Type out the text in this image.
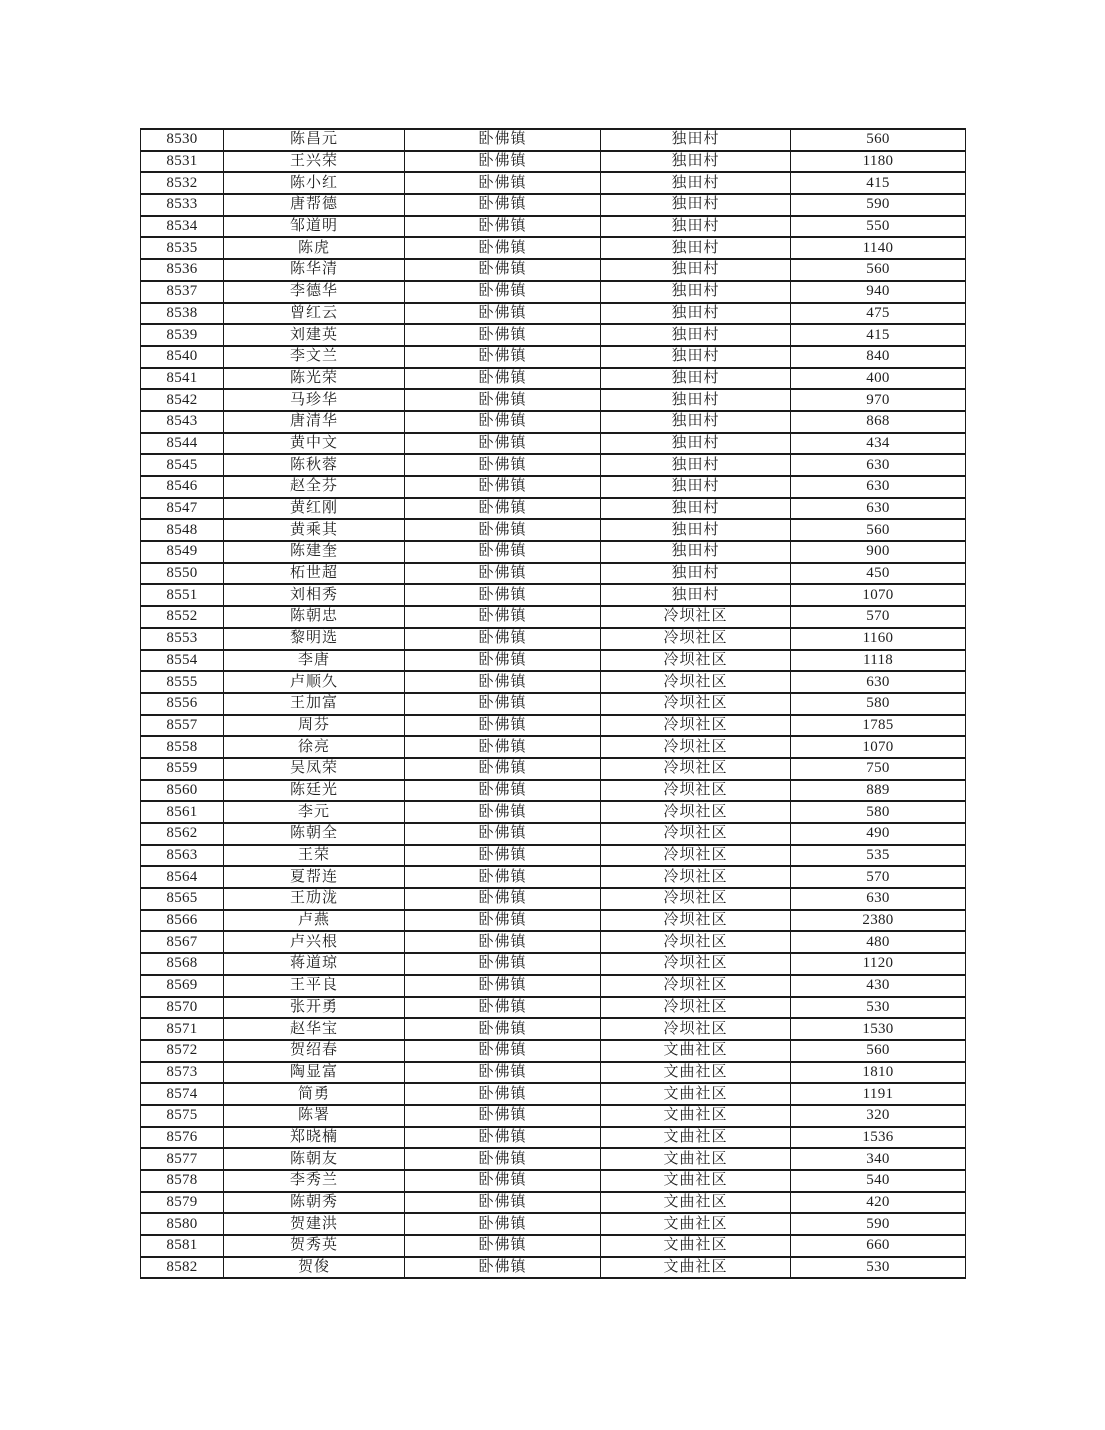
8530	陈昌元	卧佛镇	独田村	560
8531	王兴荣	卧佛镇	独田村	1180
8532	陈小红	卧佛镇	独田村	415
8533	唐帮德	卧佛镇	独田村	590
8534	邹道明	卧佛镇	独田村	550
8535	陈虎	卧佛镇	独田村	1140
8536	陈华清	卧佛镇	独田村	560
8537	李德华	卧佛镇	独田村	940
8538	曾红云	卧佛镇	独田村	475
8539	刘建英	卧佛镇	独田村	415
8540	李文兰	卧佛镇	独田村	840
8541	陈光荣	卧佛镇	独田村	400
8542	马珍华	卧佛镇	独田村	970
8543	唐清华	卧佛镇	独田村	868
8544	黄中文	卧佛镇	独田村	434
8545	陈秋蓉	卧佛镇	独田村	630
8546	赵全芬	卧佛镇	独田村	630
8547	黄红刚	卧佛镇	独田村	630
8548	黄乘其	卧佛镇	独田村	560
8549	陈建奎	卧佛镇	独田村	900
8550	柘世超	卧佛镇	独田村	450
8551	刘相秀	卧佛镇	独田村	1070
8552	陈朝忠	卧佛镇	冷坝社区	570
8553	黎明选	卧佛镇	冷坝社区	1160
8554	李唐	卧佛镇	冷坝社区	1118
8555	卢顺久	卧佛镇	冷坝社区	630
8556	王加富	卧佛镇	冷坝社区	580
8557	周芬	卧佛镇	冷坝社区	1785
8558	徐亮	卧佛镇	冷坝社区	1070
8559	吴凤荣	卧佛镇	冷坝社区	750
8560	陈廷光	卧佛镇	冷坝社区	889
8561	李元	卧佛镇	冷坝社区	580
8562	陈朝全	卧佛镇	冷坝社区	490
8563	王荣	卧佛镇	冷坝社区	535
8564	夏帮连	卧佛镇	冷坝社区	570
8565	王劢泷	卧佛镇	冷坝社区	630
8566	卢燕	卧佛镇	冷坝社区	2380
8567	卢兴根	卧佛镇	冷坝社区	480
8568	蒋道琼	卧佛镇	冷坝社区	1120
8569	王平良	卧佛镇	冷坝社区	430
8570	张开勇	卧佛镇	冷坝社区	530
8571	赵华宝	卧佛镇	冷坝社区	1530
8572	贺绍春	卧佛镇	文曲社区	560
8573	陶显富	卧佛镇	文曲社区	1810
8574	简勇	卧佛镇	文曲社区	1191
8575	陈署	卧佛镇	文曲社区	320
8576	郑晓楠	卧佛镇	文曲社区	1536
8577	陈朝友	卧佛镇	文曲社区	340
8578	李秀兰	卧佛镇	文曲社区	540
8579	陈朝秀	卧佛镇	文曲社区	420
8580	贺建洪	卧佛镇	文曲社区	590
8581	贺秀英	卧佛镇	文曲社区	660
8582	贺俊	卧佛镇	文曲社区	530
